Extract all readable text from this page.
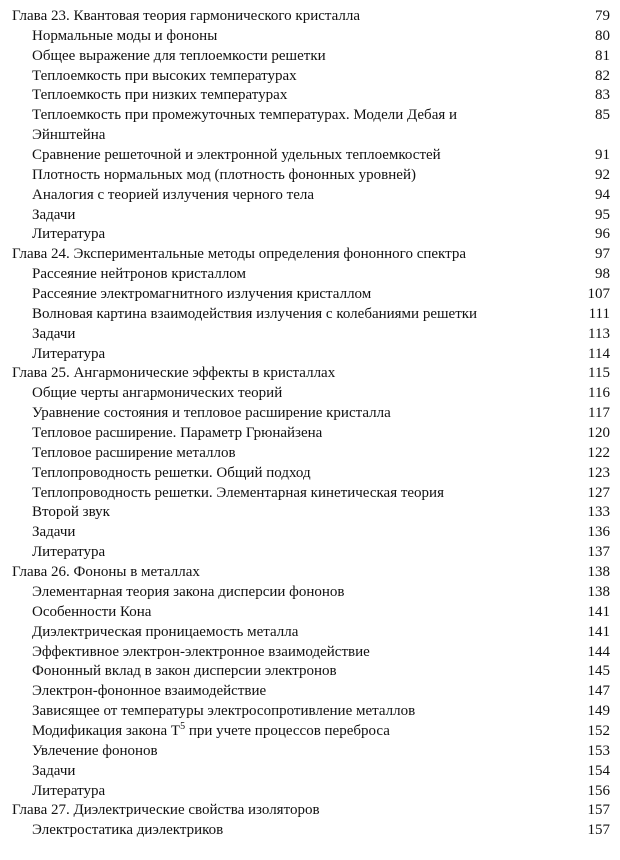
Глава 23. Квантовая теория гармонического кристалла	79
Нормальные моды и фононы	80
Общее выражение для теплоемкости решетки	81
Теплоемкость при высоких температурах	82
Теплоемкость при низких температурах	83
Теплоемкость при промежуточных температурах. Модели Дебая и	85
Эйнштейна
Сравнение решеточной и электронной удельных теплоемкостей	91
Плотность нормальных мод (плотность фононных уровней)	92
Аналогия с теорией излучения черного тела	94
Задачи	95
Литература	96
Глава 24. Экспериментальные методы определения фононного спектра	97
Рассеяние нейтронов кристаллом	98
Рассеяние электромагнитного излучения кристаллом	107
Волновая картина взаимодействия излучения с колебаниями решетки	111
Задачи	113
Литература	114
Глава 25. Ангармонические эффекты в кристаллах	115
Общие черты ангармонических теорий	116
Уравнение состояния и тепловое расширение кристалла	117
Тепловое расширение. Параметр Грюнайзена	120
Тепловое расширение металлов	122
Теплопроводность решетки. Общий подход	123
Теплопроводность решетки. Элементарная кинетическая теория	127
Второй звук	133
Задачи	136
Литература	137
Глава 26. Фононы в металлах	138
Элементарная теория закона дисперсии фононов	138
Особенности Кона	141
Диэлектрическая проницаемость металла	141
Эффективное электрон-электронное взаимодействие	144
Фононный вклад в закон дисперсии электронов	145
Электрон-фононное взаимодействие	147
Зависящее от температуры электросопротивление металлов	149
Модификация закона $T^5$ при учете процессов переброса	152
Увлечение фононов	153
Задачи	154
Литература	156
Глава 27. Диэлектрические свойства изоляторов	157
Электростатика диэлектриков	157
